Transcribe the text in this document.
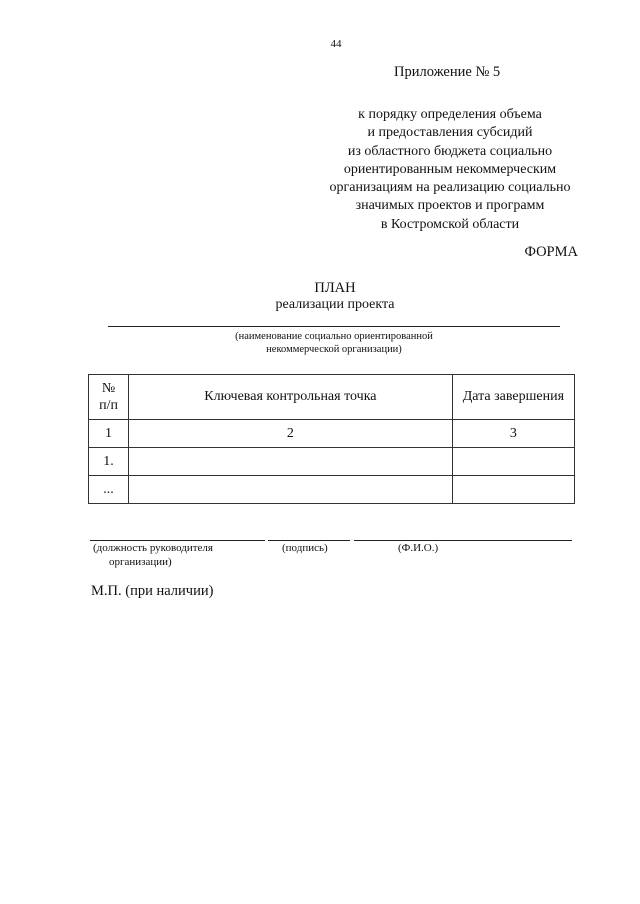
44
Приложение № 5
к порядку определения объема
и предоставления субсидий
из областного бюджета социально
ориентированным некоммерческим
организациям на реализацию социально
значимых проектов и программ
в Костромской области
ФОРМА
ПЛАН
реализации проекта
(наименование социально ориентированной
некоммерческой организации)
№
п/п	Ключевая контрольная точка	Дата завершения
1	2	3
1.		
...		
(должность руководителя
организации)
(подпись)	(Ф.И.О.)
М.П. (при наличии)
